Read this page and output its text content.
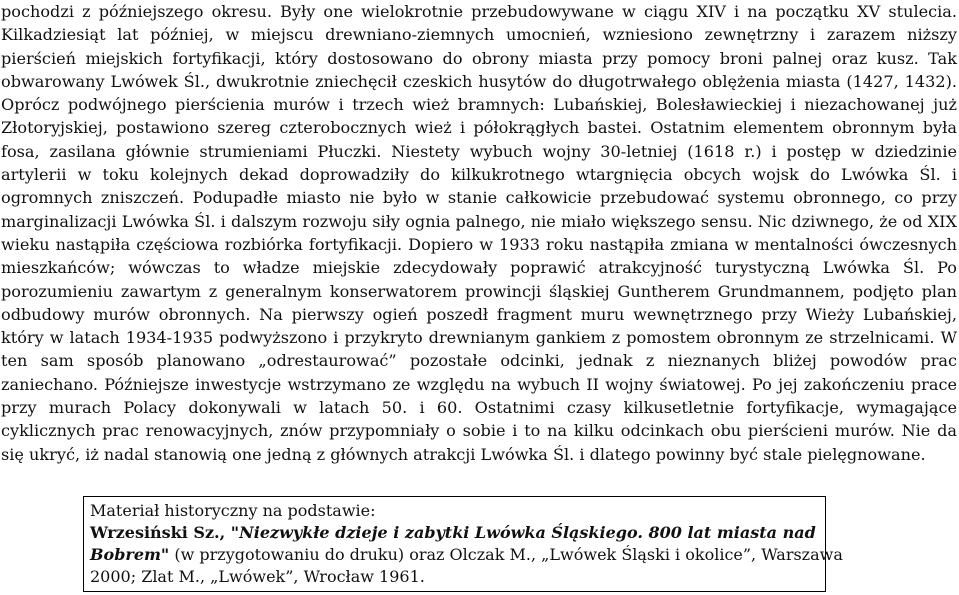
pochodzi z późniejszego okresu. Były one wielokrotnie przebudowywane w ciągu XIV i na początku XV stulecia. Kilkadziesiąt lat później, w miejscu drewniano-ziemnych umocnień, wzniesiono zewnętrzny i zarazem niższy pierścień miejskich fortyfikacji, który dostosowano do obrony miasta przy pomocy broni palnej oraz kusz. Tak obwarowany Lwówek Śl., dwukrotnie zniechęcił czeskich husytów do długotrwałego oblężenia miasta (1427, 1432). Oprócz podwójnego pierścienia murów i trzech wież bramnych: Lubańskiej, Bolesławieckiej i niezachowanej już Złotoryjskiej, postawiono szereg czterobocznych wież i półokrągłych bastei. Ostatnim elementem obronnym była fosa, zasilana głównie strumieniami Płuczki. Niestety wybuch wojny 30-letniej (1618 r.) i postęp w dziedzinie artylerii w toku kolejnych dekad doprowadziły do kilkukrotnego wtargnięcia obcych wojsk do Lwówka Śl. i ogromnych zniszczeń. Podupadłe miasto nie było w stanie całkowicie przebudować systemu obronnego, co przy marginalizacji Lwówka Śl. i dalszym rozwoju siły ognia palnego, nie miało większego sensu. Nic dziwnego, że od XIX wieku nastąpiła częściowa rozbiórka fortyfikacji. Dopiero w 1933 roku nastąpiła zmiana w mentalności ówczesnych mieszkańców; wówczas to władze miejskie zdecydowały poprawić atrakcyjność turystyczną Lwówka Śl. Po porozumieniu zawartym z generalnym konserwatorem prowincji śląskiej Guntherem Grundmannem, podjęto plan odbudowy murów obronnych. Na pierwszy ogień poszedł fragment muru wewnętrznego przy Wieży Lubańskiej, który w latach 1934-1935 podwyższono i przykryto drewnianym gankiem z pomostem obronnym ze strzelnicami. W ten sam sposób planowano „odrestaurować” pozostałe odcinki, jednak z nieznanych bliżej powodów prac zaniechano. Późniejsze inwestycje wstrzymano ze względu na wybuch II wojny światowej. Po jej zakończeniu prace przy murach Polacy dokonywali w latach 50. i 60. Ostatnimi czasy kilkusetletnie fortyfikacje, wymagające cyklicznych prac renowacyjnych, znów przypomniały o sobie i to na kilku odcinkach obu pierścieni murów. Nie da się ukryć, iż nadal stanowią one jedną z głównych atrakcji Lwówka Śl. i dlatego powinny być stale pielęgnowane.

Materiał historyczny na podstawie:
Wrzesiński Sz., "Niezwykłe dzieje i zabytki Lwówka Śląskiego. 800 lat miasta nad
Bobrem" (w przygotowaniu do druku) oraz Olczak M., „Lwówek Śląski i okolice”, Warszawa
2000; Zlat M., „Lwówek”, Wrocław 1961.
